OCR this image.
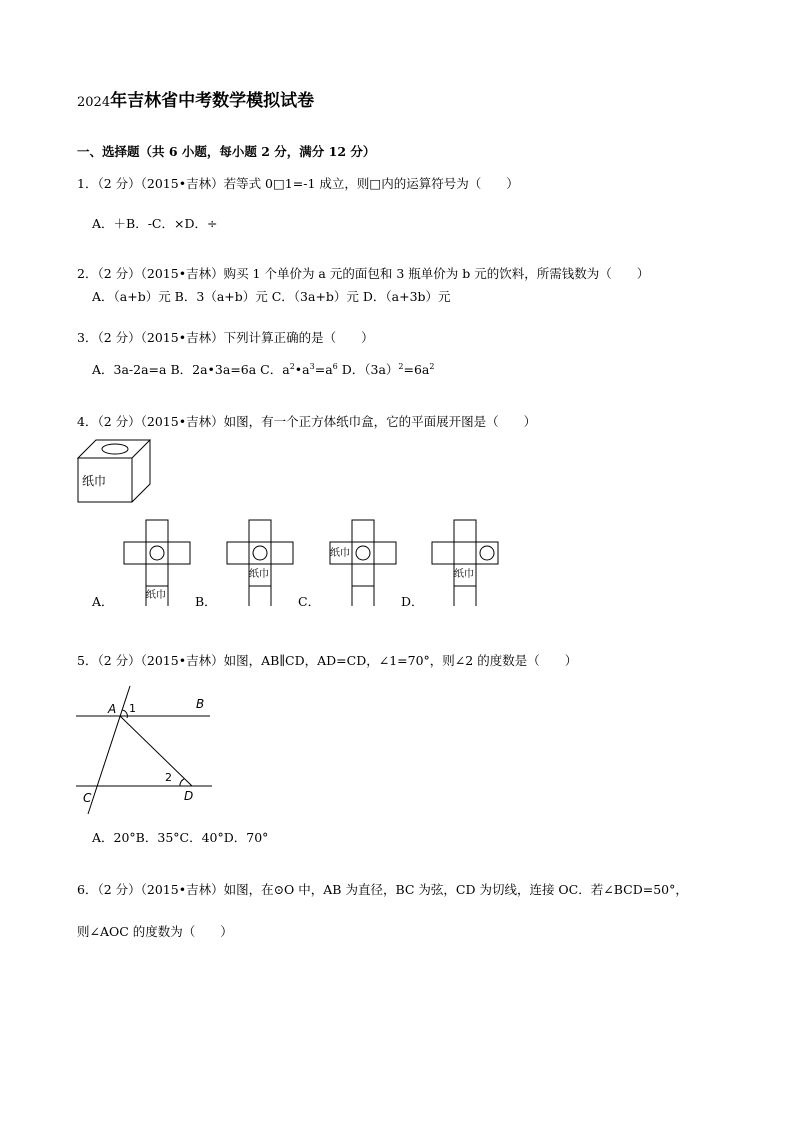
2024年吉林省中考数学模拟试卷
一、选择题（共 6 小题，每小题 2 分，满分 12 分）
1．（2 分）（2015•吉林）若等式 0□1=-1 成立，则□内的运算符号为（　　）
A．＋B．-C．×D．÷
2．（2 分）（2015•吉林）购买 1 个单价为 a 元的面包和 3 瓶单价为 b 元的饮料，所需钱数为（　　）
A．（a+b）元 B．3（a+b）元 C．（3a+b）元 D．（a+3b）元
3．（2 分）（2015•吉林）下列计算正确的是（　　）
A．3a-2a=a B．2a•3a=6a C．$a^2•a^3=a^6$ D．$(3a)^2=6a^2$
4．（2 分）（2015•吉林）如图，有一个正方体纸巾盒，它的平面展开图是（　　）
纸巾
纸巾
纸巾
纸巾
纸巾
A．	B．	C．	D．
5．（2 分）（2015•吉林）如图，AB∥CD，AD=CD，∠1=70°，则∠2 的度数是（　　）
A	B
C	D
1
2
A．20°B．35°C．40°D．70°
6．（2 分）（2015•吉林）如图，在⊙O 中，AB 为直径，BC 为弦，CD 为切线，连接 OC．若∠BCD=50°，
则∠AOC 的度数为（　　）
